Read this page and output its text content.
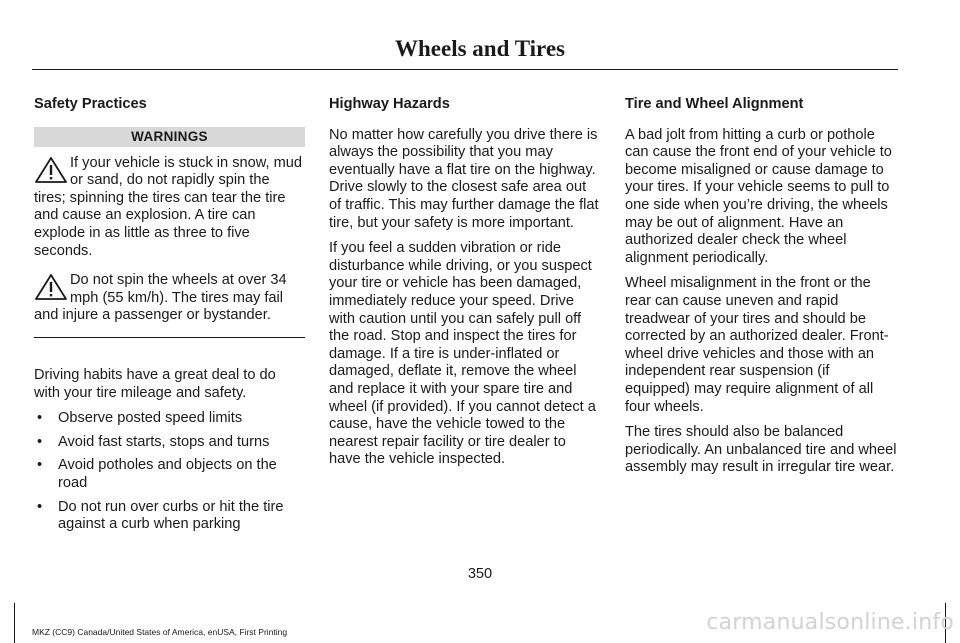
Wheels and Tires
Safety Practices
WARNINGS
If your vehicle is stuck in snow, mud or sand, do not rapidly spin the tires; spinning the tires can tear the tire and cause an explosion. A tire can explode in as little as three to five seconds.
Do not spin the wheels at over 34 mph (55 km/h). The tires may fail and injure a passenger or bystander.

Driving habits have a great deal to do with your tire mileage and safety.

• Observe posted speed limits
• Avoid fast starts, stops and turns
• Avoid potholes and objects on the road
• Do not run over curbs or hit the tire against a curb when parking
Highway Hazards

No matter how carefully you drive there is always the possibility that you may eventually have a flat tire on the highway. Drive slowly to the closest safe area out of traffic. This may further damage the flat tire, but your safety is more important.

If you feel a sudden vibration or ride disturbance while driving, or you suspect your tire or vehicle has been damaged, immediately reduce your speed. Drive with caution until you can safely pull off the road. Stop and inspect the tires for damage. If a tire is under-inflated or damaged, deflate it, remove the wheel and replace it with your spare tire and wheel (if provided). If you cannot detect a cause, have the vehicle towed to the nearest repair facility or tire dealer to have the vehicle inspected.

Tire and Wheel Alignment

A bad jolt from hitting a curb or pothole can cause the front end of your vehicle to become misaligned or cause damage to your tires. If your vehicle seems to pull to one side when you’re driving, the wheels may be out of alignment. Have an authorized dealer check the wheel alignment periodically.

Wheel misalignment in the front or the rear can cause uneven and rapid treadwear of your tires and should be corrected by an authorized dealer. Front-wheel drive vehicles and those with an independent rear suspension (if equipped) may require alignment of all four wheels.

The tires should also be balanced periodically. An unbalanced tire and wheel assembly may result in irregular tire wear.

350
MKZ (CC9) Canada/United States of America, enUSA, First Printing	carmanualsonline.info
